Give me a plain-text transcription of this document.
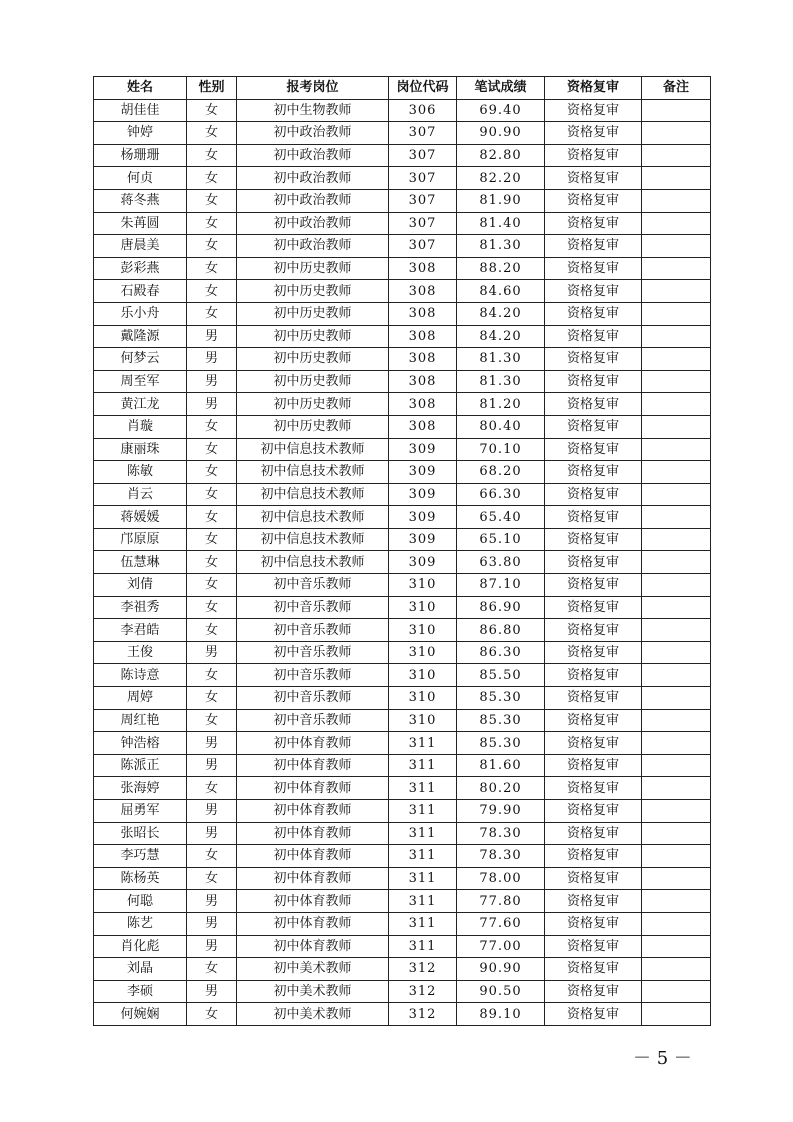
姓名	性别	报考岗位	岗位代码	笔试成绩	资格复审	备注
胡佳佳	女	初中生物教师	306	69.40	资格复审	
钟婷	女	初中政治教师	307	90.90	资格复审	
杨珊珊	女	初中政治教师	307	82.80	资格复审	
何贞	女	初中政治教师	307	82.20	资格复审	
蒋冬燕	女	初中政治教师	307	81.90	资格复审	
朱苒圆	女	初中政治教师	307	81.40	资格复审	
唐晨美	女	初中政治教师	307	81.30	资格复审	
彭彩燕	女	初中历史教师	308	88.20	资格复审	
石殿春	女	初中历史教师	308	84.60	资格复审	
乐小舟	女	初中历史教师	308	84.20	资格复审	
戴隆源	男	初中历史教师	308	84.20	资格复审	
何梦云	男	初中历史教师	308	81.30	资格复审	
周至军	男	初中历史教师	308	81.30	资格复审	
黄江龙	男	初中历史教师	308	81.20	资格复审	
肖璇	女	初中历史教师	308	80.40	资格复审	
康丽珠	女	初中信息技术教师	309	70.10	资格复审	
陈敏	女	初中信息技术教师	309	68.20	资格复审	
肖云	女	初中信息技术教师	309	66.30	资格复审	
蒋媛媛	女	初中信息技术教师	309	65.40	资格复审	
邝原原	女	初中信息技术教师	309	65.10	资格复审	
伍慧琳	女	初中信息技术教师	309	63.80	资格复审	
刘倩	女	初中音乐教师	310	87.10	资格复审	
李祖秀	女	初中音乐教师	310	86.90	资格复审	
李君皓	女	初中音乐教师	310	86.80	资格复审	
王俊	男	初中音乐教师	310	86.30	资格复审	
陈诗意	女	初中音乐教师	310	85.50	资格复审	
周婷	女	初中音乐教师	310	85.30	资格复审	
周红艳	女	初中音乐教师	310	85.30	资格复审	
钟浩榕	男	初中体育教师	311	85.30	资格复审	
陈派正	男	初中体育教师	311	81.60	资格复审	
张海婷	女	初中体育教师	311	80.20	资格复审	
屈勇军	男	初中体育教师	311	79.90	资格复审	
张昭长	男	初中体育教师	311	78.30	资格复审	
李巧慧	女	初中体育教师	311	78.30	资格复审	
陈杨英	女	初中体育教师	311	78.00	资格复审	
何聪	男	初中体育教师	311	77.80	资格复审	
陈艺	男	初中体育教师	311	77.60	资格复审	
肖化彪	男	初中体育教师	311	77.00	资格复审	
刘晶	女	初中美术教师	312	90.90	资格复审	
李硕	男	初中美术教师	312	90.50	资格复审	
何婉娴	女	初中美术教师	312	89.10	资格复审	
－ 5 －
